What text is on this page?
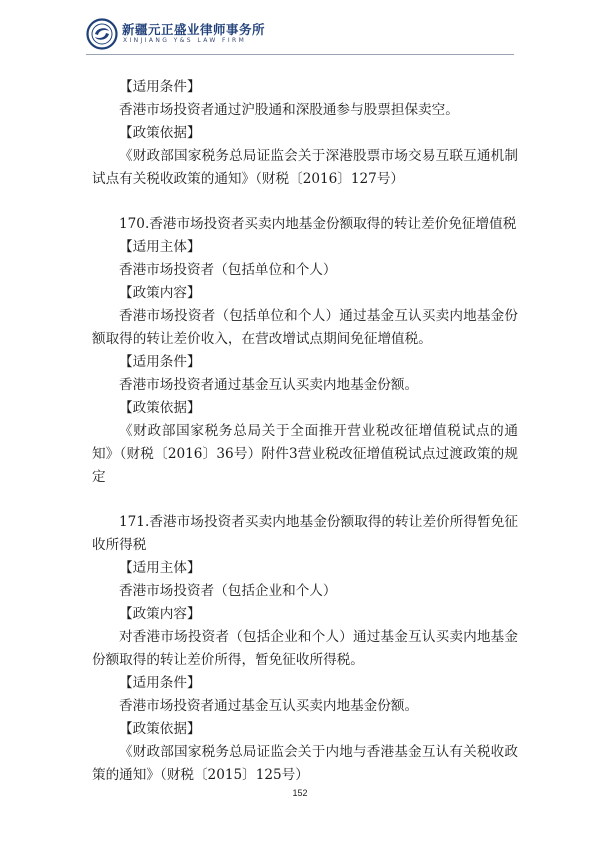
新疆元正盛业律师事务所
XINJIANG Y&S LAW FIRM

【适用条件】

香港市场投资者通过沪股通和深股通参与股票担保卖空。

【政策依据】

《财政部国家税务总局证监会关于深港股票市场交易互联互通机制试点有关税收政策的通知》（财税〔2016〕127号）

170.香港市场投资者买卖内地基金份额取得的转让差价免征增值税

【适用主体】

香港市场投资者（包括单位和个人）

【政策内容】

香港市场投资者（包括单位和个人）通过基金互认买卖内地基金份额取得的转让差价收入，在营改增试点期间免征增值税。

【适用条件】

香港市场投资者通过基金互认买卖内地基金份额。

【政策依据】

《财政部国家税务总局关于全面推开营业税改征增值税试点的通知》（财税〔2016〕36号）附件3营业税改征增值税试点过渡政策的规定

171.香港市场投资者买卖内地基金份额取得的转让差价所得暂免征收所得税

【适用主体】

香港市场投资者（包括企业和个人）

【政策内容】

对香港市场投资者（包括企业和个人）通过基金互认买卖内地基金份额取得的转让差价所得，暂免征收所得税。

【适用条件】

香港市场投资者通过基金互认买卖内地基金份额。

【政策依据】

《财政部国家税务总局证监会关于内地与香港基金互认有关税收政策的通知》（财税〔2015〕125号）

152
